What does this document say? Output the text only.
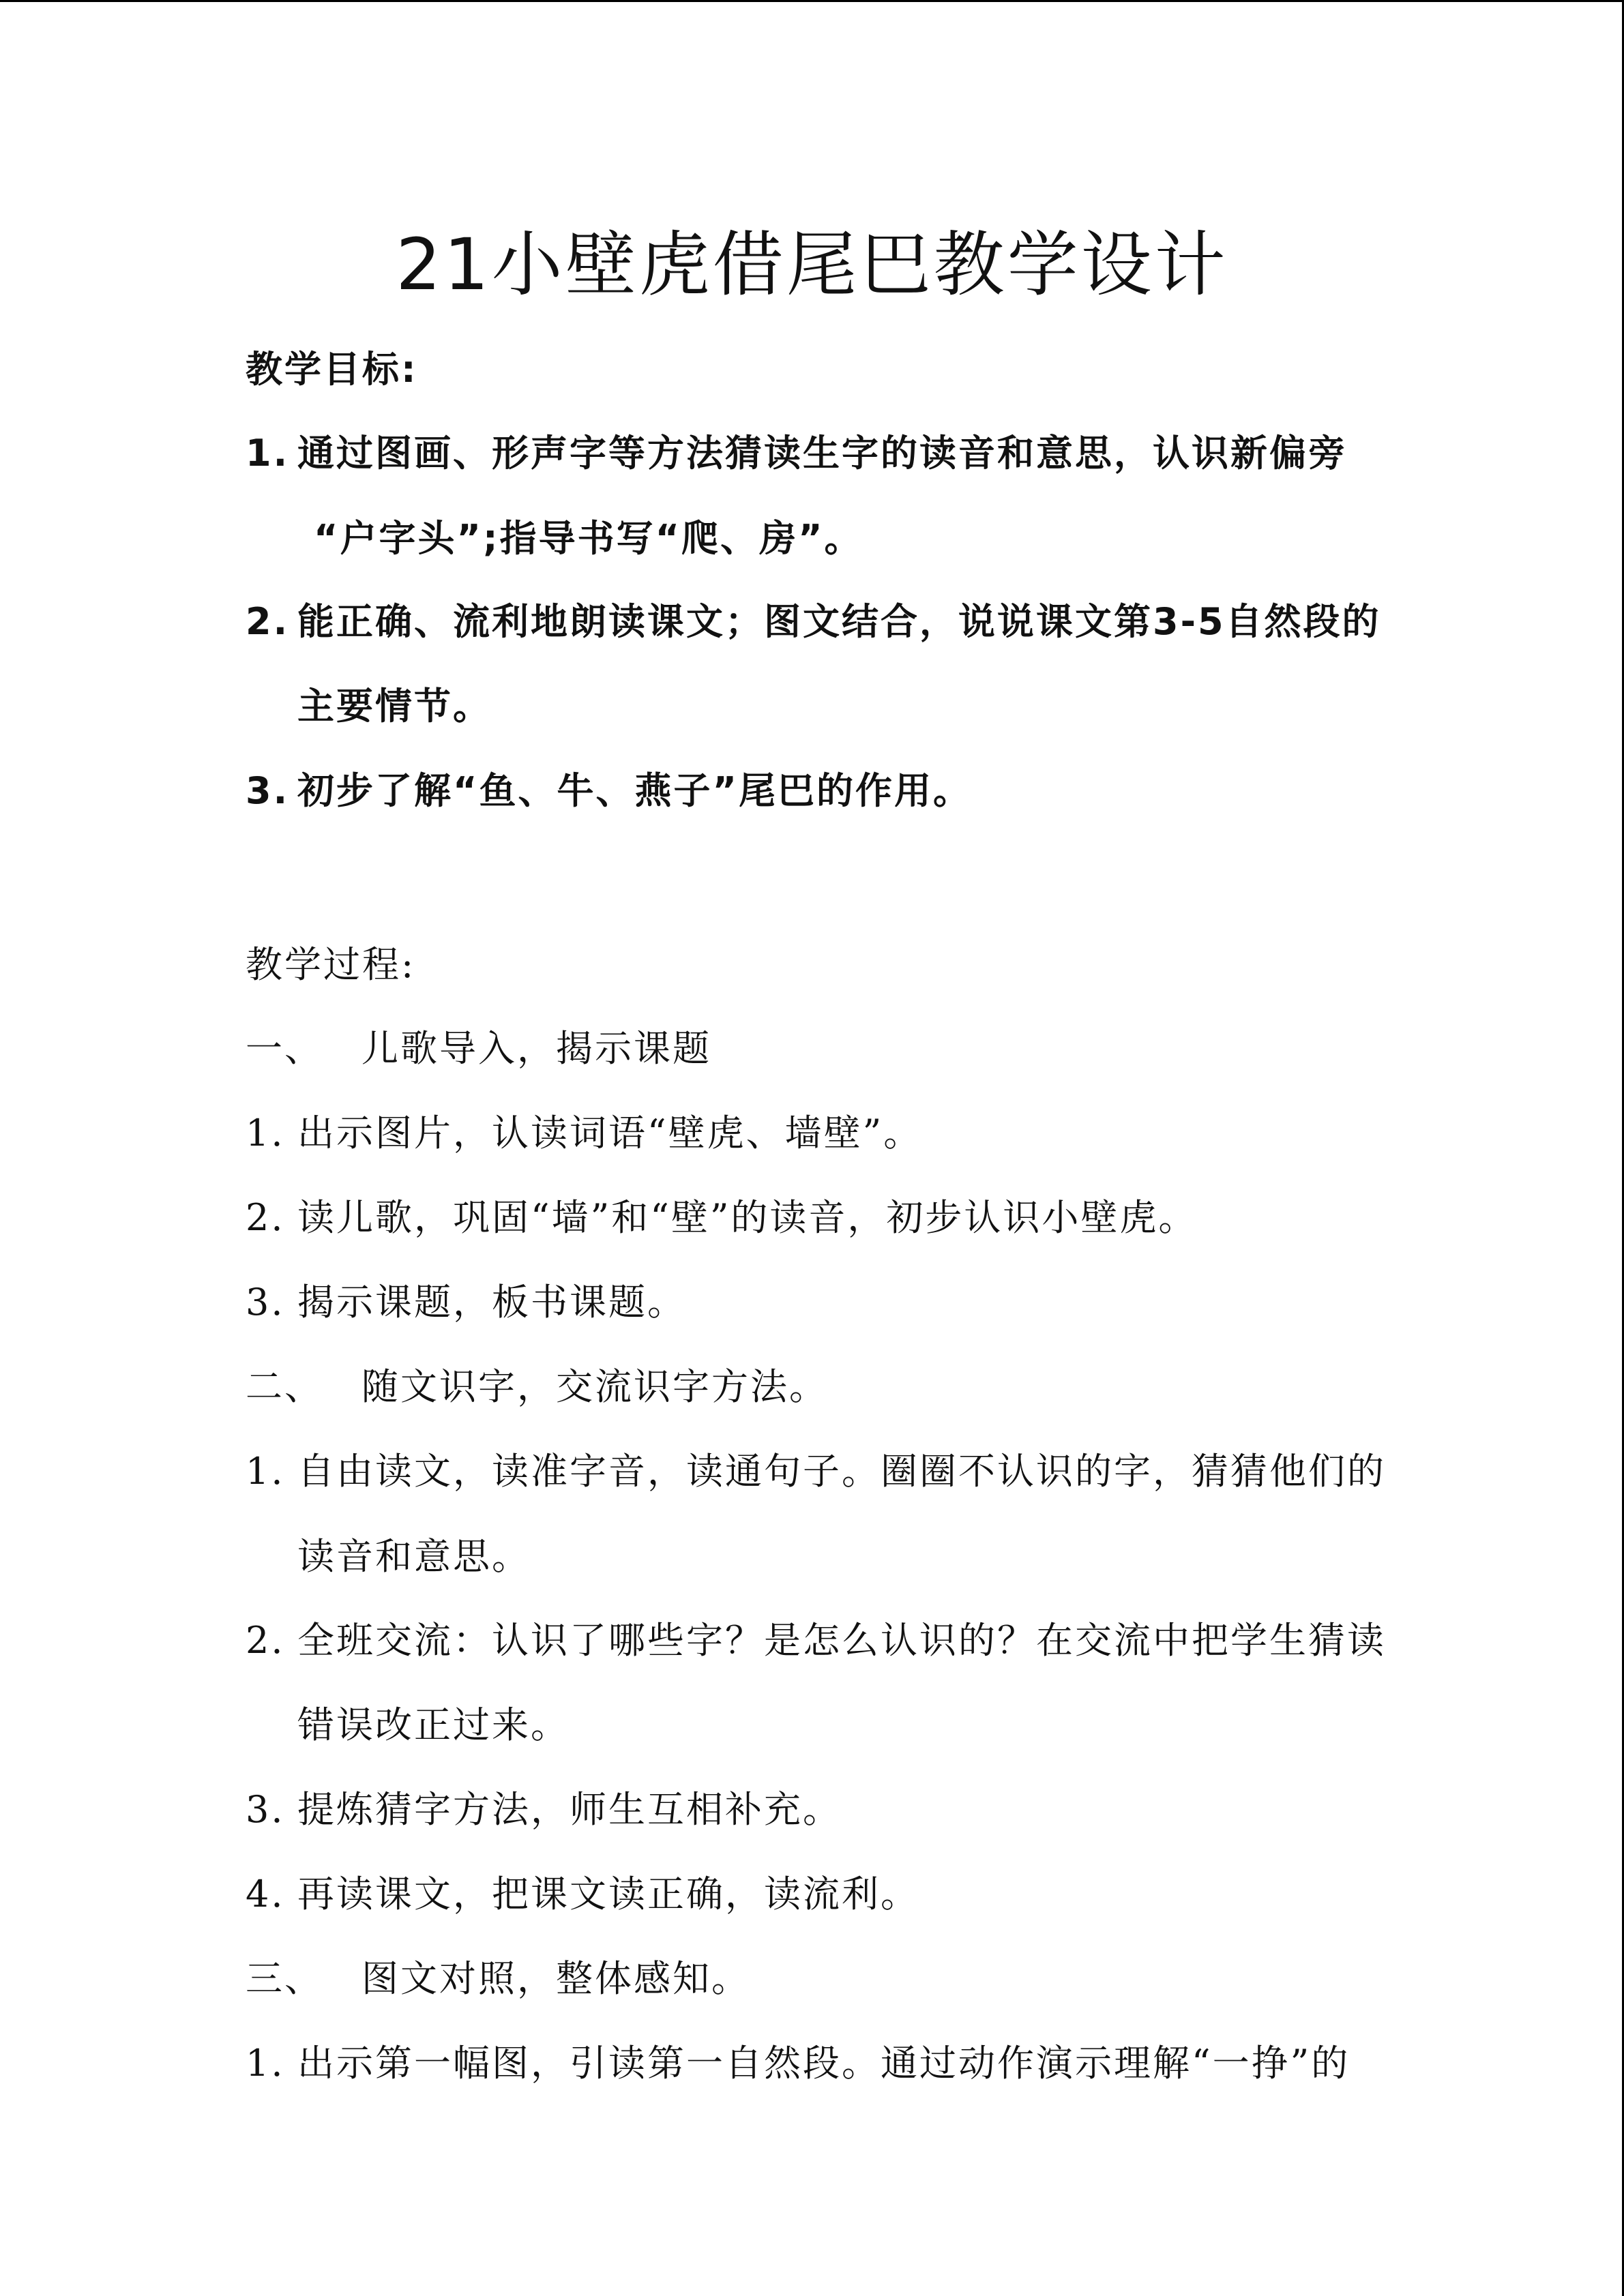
21小壁虎借尾巴教学设计
教学目标:
1. 通过图画、形声字等方法猜读生字的读音和意思，认识新偏旁
“户字头”;指导书写“爬、房”。
2. 能正确、流利地朗读课文；图文结合，说说课文第3-5自然段的
主要情节。
3. 初步了解“鱼、牛、燕子”尾巴的作用。
教学过程:
一、 儿歌导入，揭示课题
1. 出示图片，认读词语“壁虎、墙壁”。
2. 读儿歌，巩固“墙”和“壁”的读音，初步认识小壁虎。
3. 揭示课题，板书课题。
二、 随文识字，交流识字方法。
1. 自由读文，读准字音，读通句子。圈圈不认识的字，猜猜他们的
读音和意思。
2. 全班交流：认识了哪些字？是怎么认识的？在交流中把学生猜读
错误改正过来。
3. 提炼猜字方法，师生互相补充。
4. 再读课文，把课文读正确，读流利。
三、 图文对照，整体感知。
1. 出示第一幅图，引读第一自然段。通过动作演示理解“一挣”的
